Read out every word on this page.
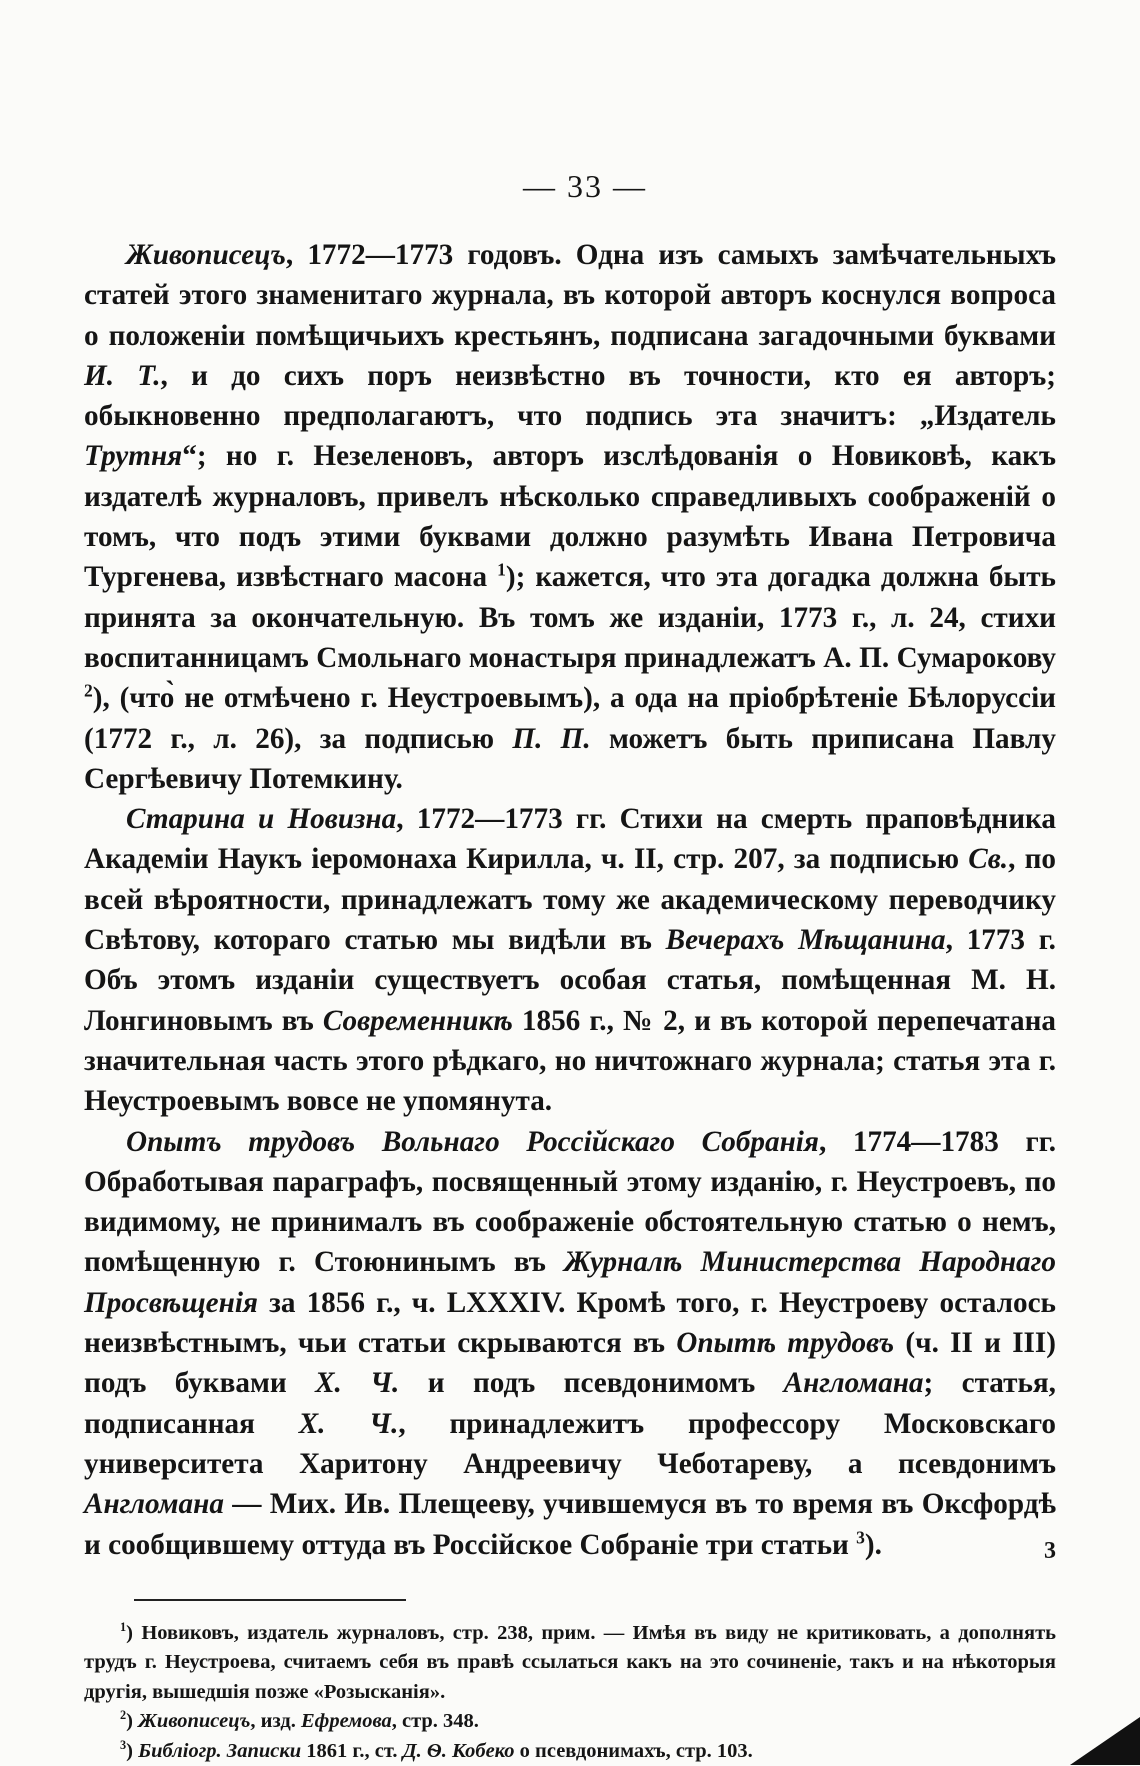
— 33 —

Живописецъ, 1772—1773 годовъ. Одна изъ самыхъ замѣчательныхъ статей этого знаменитаго журнала, въ которой авторъ коснулся вопроса о положеніи помѣщичьихъ крестьянъ, подписана загадочными буквами И. Т., и до сихъ поръ неизвѣстно въ точности, кто ея авторъ; обыкновенно предполагаютъ, что подпись эта значитъ: „Издатель Трутня“; но г. Незеленовъ, авторъ изслѣдованія о Новиковѣ, какъ издателѣ журналовъ, привелъ нѣсколько справедливыхъ соображеній о томъ, что подъ этими буквами должно разумѣть Ивана Петровича Тургенева, извѣстнаго масона $^1$); кажется, что эта догадка должна быть принята за окончательную. Въ томъ же изданіи, 1773 г., л. 24, стихи воспитанницамъ Смольнаго монастыря принадлежатъ А. П. Сумарокову $^2$), (что̀ не отмѣчено г. Неустроевымъ), а ода на пріобрѣтеніе Бѣлоруссіи (1772 г., л. 26), за подписью П. П. можетъ быть приписана Павлу Сергѣевичу Потемкину.

Старина и Новизна, 1772—1773 гг. Стихи на смерть праповѣдника Академіи Наукъ іеромонаха Кирилла, ч. II, стр. 207, за подписью Св., по всей вѣроятности, принадлежатъ тому же академическому переводчику Свѣтову, котораго статью мы видѣли въ Вечерахъ Мѣщанина, 1773 г. Объ этомъ изданіи существуетъ особая статья, помѣщенная М. Н. Лонгиновымъ въ Современникѣ 1856 г., № 2, и въ которой перепечатана значительная часть этого рѣдкаго, но ничтожнаго журнала; статья эта г. Неустроевымъ вовсе не упомянута.

Опытъ трудовъ Вольнаго Россійскаго Собранія, 1774—1783 гг. Обработывая параграфъ, посвященный этому изданію, г. Неустроевъ, по видимому, не принималъ въ соображеніе обстоятельную статью о немъ, помѣщенную г. Стоюнинымъ въ Журналѣ Министерства Народнаго Просвѣщенія за 1856 г., ч. LXXXIV. Кромѣ того, г. Неустроеву осталось неизвѣстнымъ, чьи статьи скрываются въ Опытѣ трудовъ (ч. II и III) подъ буквами Х. Ч. и подъ псевдонимомъ Англомана; статья, подписанная Х. Ч., принадлежитъ профессору Московскаго университета Харитону Андреевичу Чеботареву, а псевдонимъ Англомана — Мих. Ив. Плещееву, учившемуся въ то время въ Оксфордѣ и сообщившему оттуда въ Россійское Собраніе три статьи $^3$).

$^1$) Новиковъ, издатель журналовъ, стр. 238, прим. — Имѣя въ виду не критиковать, а дополнять трудъ г. Неустроева, считаемъ себя въ правѣ ссылаться какъ на это сочиненіе, такъ и на нѣкоторыя другія, вышедшія позже «Розысканія».

$^2$) Живописецъ, изд. Ефремова, стр. 348.

$^3$) Библіогр. Записки 1861 г., ст. Д. Ѳ. Кобеко о псевдонимахъ, стр. 103.

3
